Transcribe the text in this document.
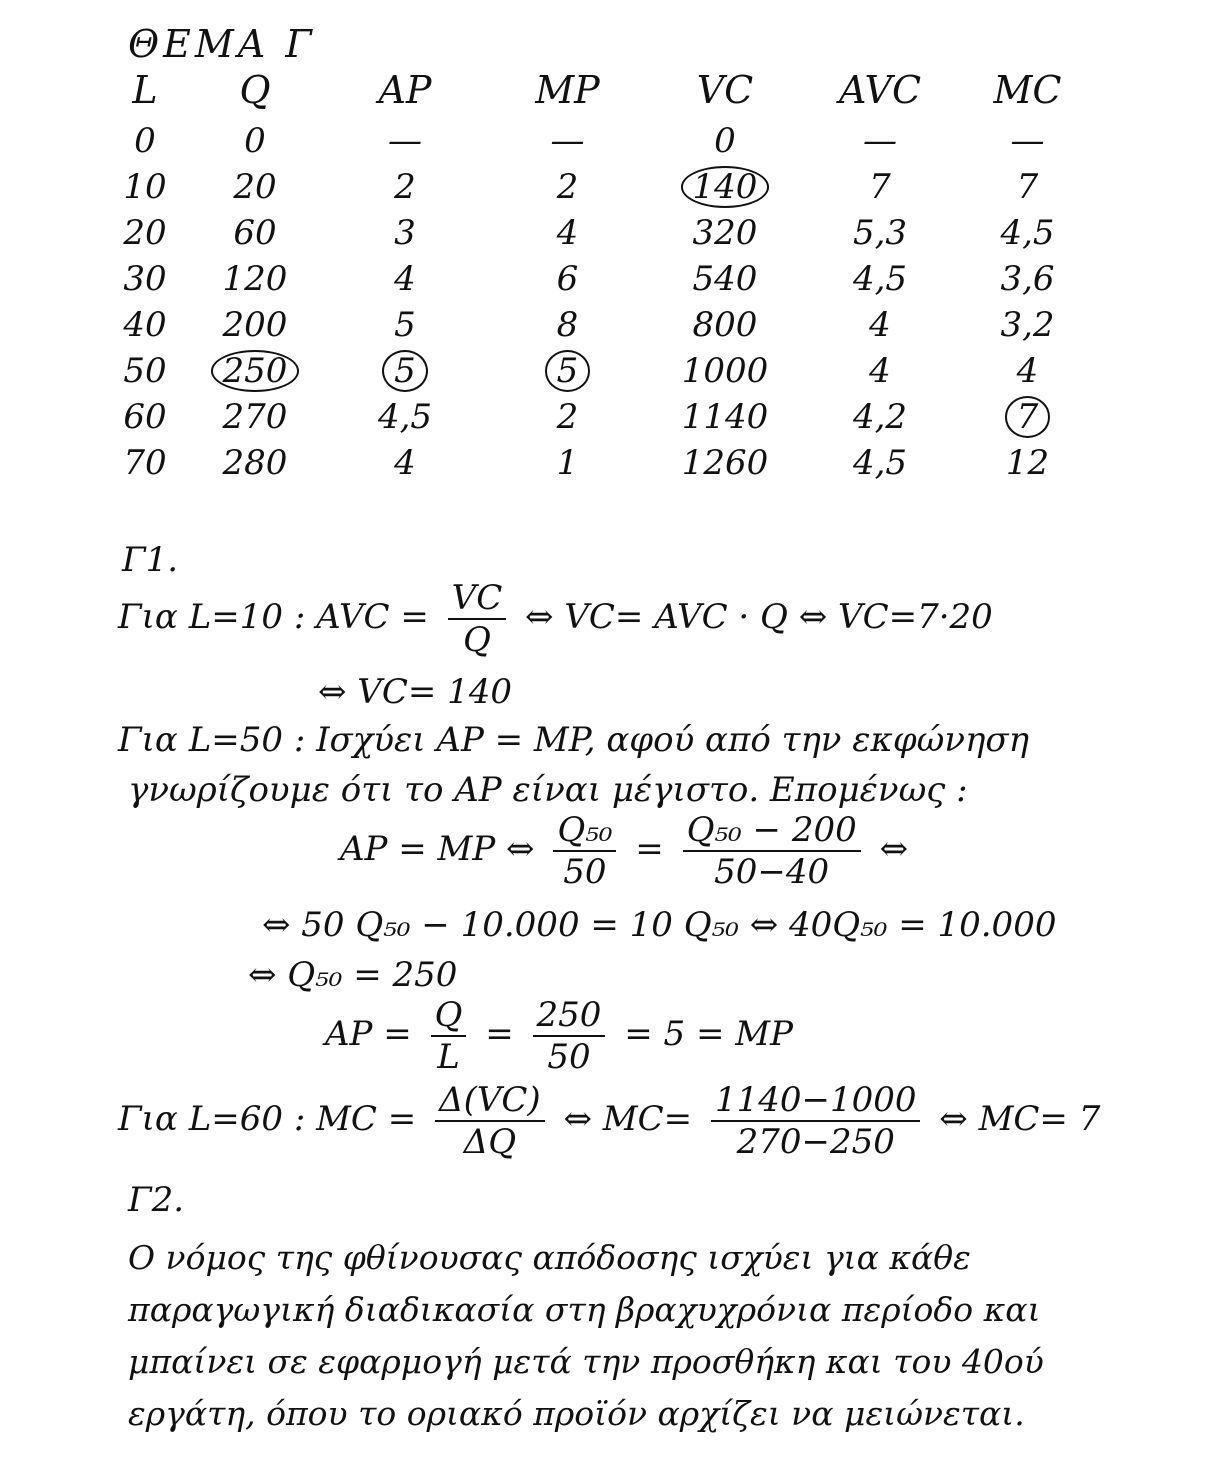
ΘΕΜΑ Γ
L	Q	AP	MP	VC	AVC	MC
0	0	—	—	0	—	—
10	20	2	2	140	7	7
20	60	3	4	320	5,3	4,5
30	120	4	6	540	4,5	3,6
40	200	5	8	800	4	3,2
50	250	5	5	1000	4	4
60	270	4,5	2	1140	4,2	7
70	280	4	1	1260	4,5	12
Γ1.
Για L=10 : AVC = $\frac{VC}{Q}$ ⇔ VC= AVC · Q ⇔ VC=7·20
⇔ VC= 140
Για L=50 : Ισχύει AP = MP, αφού από την εκφώνηση
γνωρίζουμε ότι το AP είναι μέγιστο. Επομένως :
AP = MP ⇔ $\frac{\text{Q₅₀}}{50} = \frac{\text{Q₅₀ − 200}}{50-40}$ ⇔
⇔ 50 Q₅₀ − 10.000 = 10 Q₅₀ ⇔ 40Q₅₀ = 10.000
⇔ Q₅₀ = 250
AP = $\frac{Q}{L} = \frac{250}{50} = 5$ = MP
Για L=60 : MC = $\frac{\Delta(VC)}{\Delta Q}$ ⇔ $MC= \frac{1140-1000}{270-250}$ ⇔ MC= 7
Γ2.
Ο νόμος της φθίνουσας απόδοσης ισχύει για κάθε παραγωγική διαδικασία στη βραχυχρόνια περίοδο και μπαίνει σε εφαρμογή μετά την προσθήκη και του 40ού εργάτη, όπου το οριακό προϊόν αρχίζει να μειώνεται.
